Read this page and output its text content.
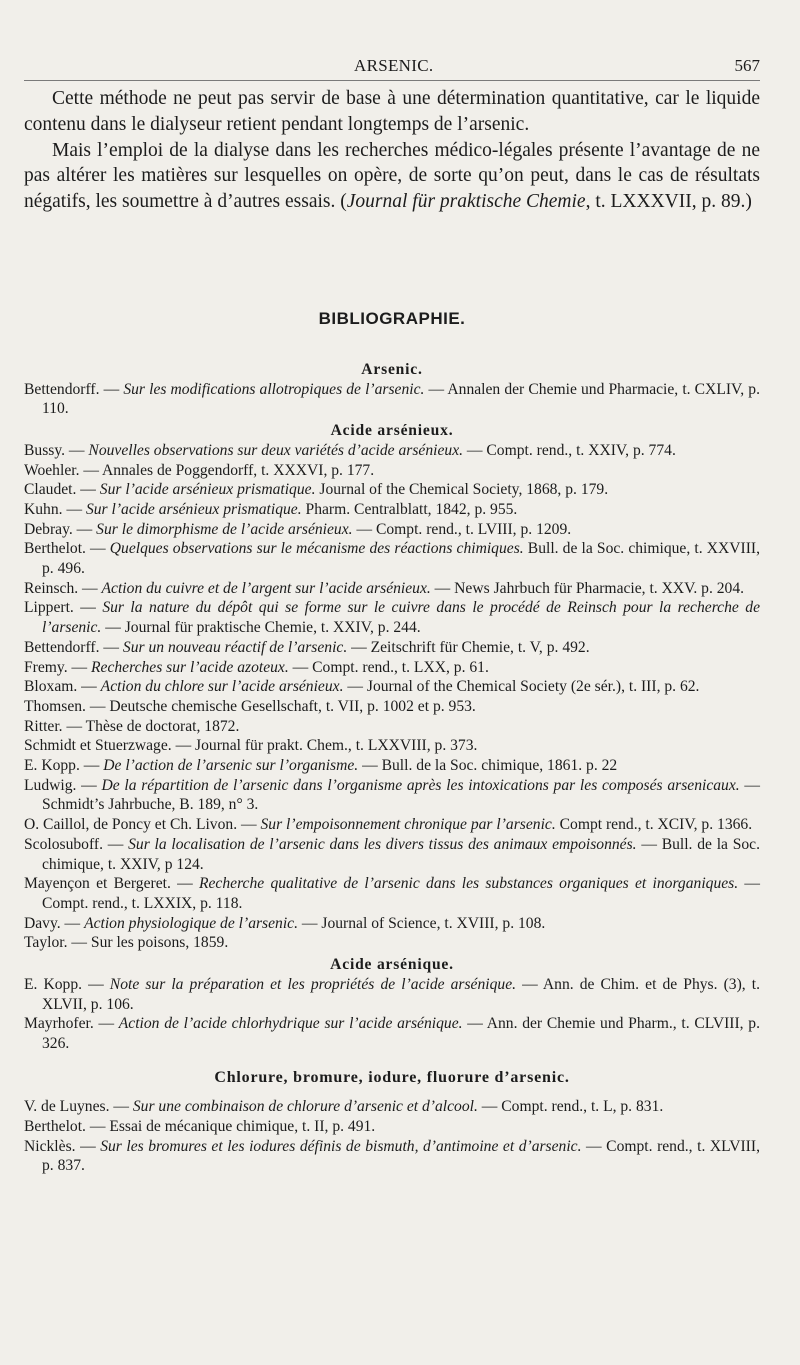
ARSENIC.	567

Cette méthode ne peut pas servir de base à une détermination quantitative, car le liquide contenu dans le dialyseur retient pendant longtemps de l’arsenic.

Mais l’emploi de la dialyse dans les recherches médico-légales présente l’avantage de ne pas altérer les matières sur lesquelles on opère, de sorte qu’on peut, dans le cas de résultats négatifs, les soumettre à d’autres essais. (Journal für praktische Chemie, t. LXXXVII, p. 89.)

BIBLIOGRAPHIE.
Arsenic.
Bettendorff. — Sur les modifications allotropiques de l’arsenic. — Annalen der Chemie und Pharmacie, t. CXLIV, p. 110.
Acide arsénieux.
Bussy. — Nouvelles observations sur deux variétés d’acide arsénieux. — Compt. rend., t. XXIV, p. 774.
Woehler. — Annales de Poggendorff, t. XXXVI, p. 177.
Claudet. — Sur l’acide arsénieux prismatique. Journal of the Chemical Society, 1868, p. 179.
Kuhn. — Sur l’acide arsénieux prismatique. Pharm. Centralblatt, 1842, p. 955.
Debray. — Sur le dimorphisme de l’acide arsénieux. — Compt. rend., t. LVIII, p. 1209.
Berthelot. — Quelques observations sur le mécanisme des réactions chimiques. Bull. de la Soc. chimique, t. XXVIII, p. 496.
Reinsch. — Action du cuivre et de l’argent sur l’acide arsénieux. — News Jahrbuch für Pharmacie, t. XXV. p. 204.
Lippert. — Sur la nature du dépôt qui se forme sur le cuivre dans le procédé de Reinsch pour la recherche de l’arsenic. — Journal für praktische Chemie, t. XXIV, p. 244.
Bettendorff. — Sur un nouveau réactif de l’arsenic. — Zeitschrift für Chemie, t. V, p. 492.
Fremy. — Recherches sur l’acide azoteux. — Compt. rend., t. LXX, p. 61.
Bloxam. — Action du chlore sur l’acide arsénieux. — Journal of the Chemical Society (2e sér.), t. III, p. 62.
Thomsen. — Deutsche chemische Gesellschaft, t. VII, p. 1002 et p. 953.
Ritter. — Thèse de doctorat, 1872.
Schmidt et Stuerzwage. — Journal für prakt. Chem., t. LXXVIII, p. 373.
E. Kopp. — De l’action de l’arsenic sur l’organisme. — Bull. de la Soc. chimique, 1861. p. 22
Ludwig. — De la répartition de l’arsenic dans l’organisme après les intoxications par les composés arsenicaux. — Schmidt’s Jahrbuche, B. 189, n° 3.
O. Caillol, de Poncy et Ch. Livon. — Sur l’empoisonnement chronique par l’arsenic. Compt rend., t. XCIV, p. 1366.
Scolosuboff. — Sur la localisation de l’arsenic dans les divers tissus des animaux empoisonnés. — Bull. de la Soc. chimique, t. XXIV, p 124.
Mayençon et Bergeret. — Recherche qualitative de l’arsenic dans les substances organiques et inorganiques. — Compt. rend., t. LXXIX, p. 118.
Davy. — Action physiologique de l’arsenic. — Journal of Science, t. XVIII, p. 108.
Taylor. — Sur les poisons, 1859.
Acide arsénique.
E. Kopp. — Note sur la préparation et les propriétés de l’acide arsénique. — Ann. de Chim. et de Phys. (3), t. XLVII, p. 106.
Mayrhofer. — Action de l’acide chlorhydrique sur l’acide arsénique. — Ann. der Chemie und Pharm., t. CLVIII, p. 326.
Chlorure, bromure, iodure, fluorure d’arsenic.
V. de Luynes. — Sur une combinaison de chlorure d’arsenic et d’alcool. — Compt. rend., t. L, p. 831.
Berthelot. — Essai de mécanique chimique, t. II, p. 491.
Nicklès. — Sur les bromures et les iodures définis de bismuth, d’antimoine et d’arsenic. — Compt. rend., t. XLVIII, p. 837.
